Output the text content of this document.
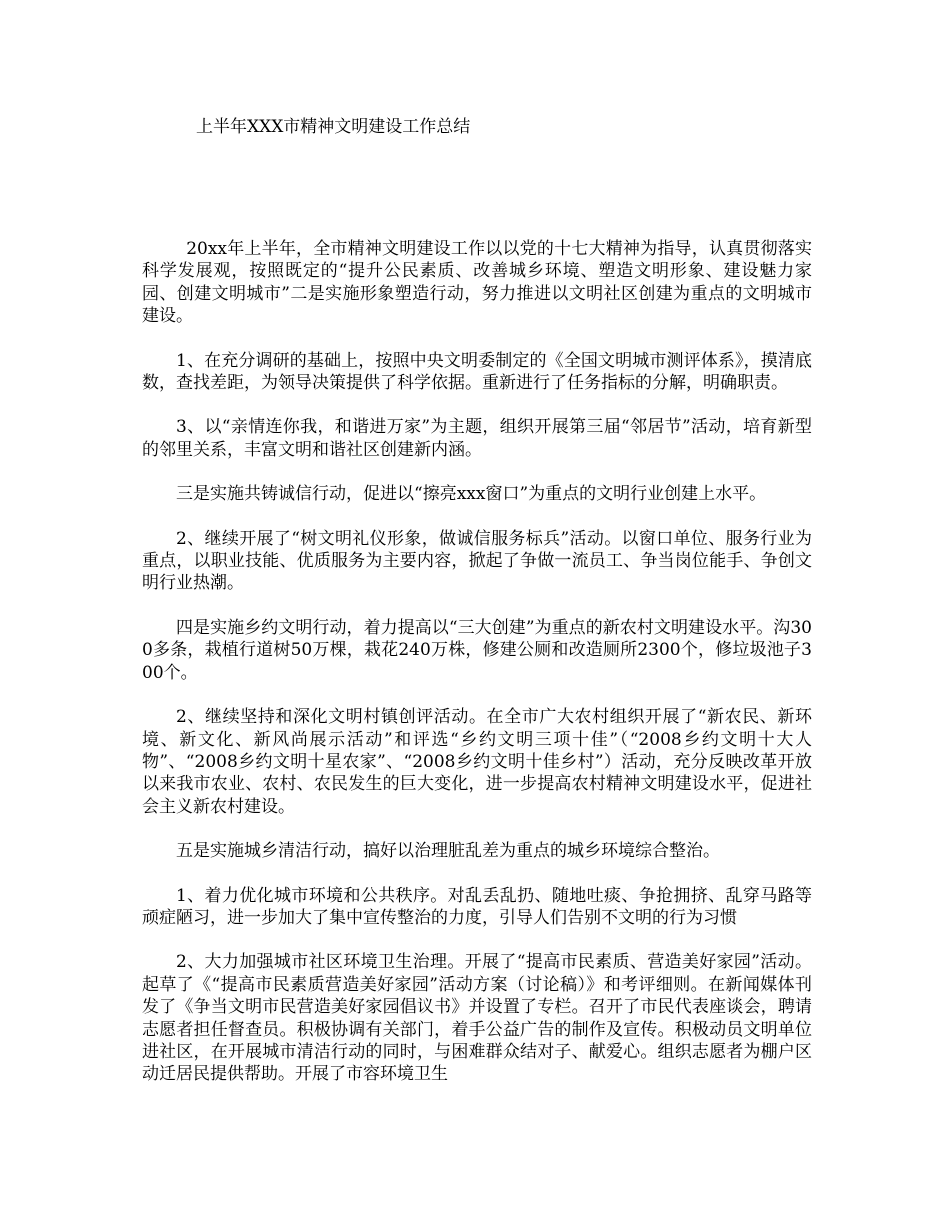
上半年XXX市精神文明建设工作总结

20xx年上半年，全市精神文明建设工作以以党的十七大精神为指导，认真贯彻落实科学发展观，按照既定的“提升公民素质、改善城乡环境、塑造文明形象、建设魅力家园、创建文明城市”二是实施形象塑造行动，努力推进以文明社区创建为重点的文明城市建设。

1、在充分调研的基础上，按照中央文明委制定的《全国文明城市测评体系》，摸清底数，查找差距，为领导决策提供了科学依据。重新进行了任务指标的分解，明确职责。

3、以“亲情连你我，和谐进万家”为主题，组织开展第三届“邻居节”活动，培育新型的邻里关系，丰富文明和谐社区创建新内涵。

三是实施共铸诚信行动，促进以“擦亮xxx窗口”为重点的文明行业创建上水平。

2、继续开展了“树文明礼仪形象，做诚信服务标兵”活动。以窗口单位、服务行业为重点，以职业技能、优质服务为主要内容，掀起了争做一流员工、争当岗位能手、争创文明行业热潮。

四是实施乡约文明行动，着力提高以“三大创建”为重点的新农村文明建设水平。沟300多条，栽植行道树50万棵，栽花240万株，修建公厕和改造厕所2300个，修垃圾池子300个。

2、继续坚持和深化文明村镇创评活动。在全市广大农村组织开展了“新农民、新环境、新文化、新风尚展示活动”和评选“乡约文明三项十佳”（“2008乡约文明十大人物”、“2008乡约文明十星农家”、“2008乡约文明十佳乡村”）活动，充分反映改革开放以来我市农业、农村、农民发生的巨大变化，进一步提高农村精神文明建设水平，促进社会主义新农村建设。

五是实施城乡清洁行动，搞好以治理脏乱差为重点的城乡环境综合整治。

1、着力优化城市环境和公共秩序。对乱丢乱扔、随地吐痰、争抢拥挤、乱穿马路等顽症陋习，进一步加大了集中宣传整治的力度，引导人们告别不文明的行为习惯

2、大力加强城市社区环境卫生治理。开展了“提高市民素质、营造美好家园”活动。起草了《“提高市民素质营造美好家园”活动方案（讨论稿）》和考评细则。在新闻媒体刊发了《争当文明市民营造美好家园倡议书》并设置了专栏。召开了市民代表座谈会，聘请志愿者担任督查员。积极协调有关部门，着手公益广告的制作及宣传。积极动员文明单位进社区，在开展城市清洁行动的同时，与困难群众结对子、献爱心。组织志愿者为棚户区动迁居民提供帮助。开展了市容环境卫生
